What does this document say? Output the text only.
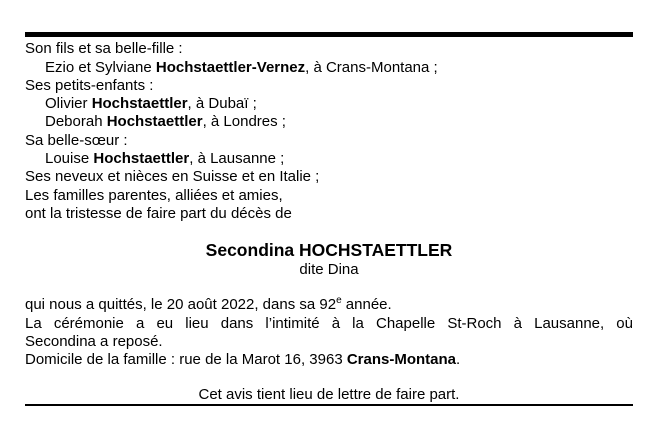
Son fils et sa belle-fille :
Ezio et Sylviane Hochstaettler-Vernez, à Crans-Montana ;
Ses petits-enfants :
Olivier Hochstaettler, à Dubaï ;
Deborah Hochstaettler, à Londres ;
Sa belle-sœur :
Louise Hochstaettler, à Lausanne ;
Ses neveux et nièces en Suisse et en Italie ;
Les familles parentes, alliées et amies,
ont la tristesse de faire part du décès de
Secondina HOCHSTAETTLER
dite Dina
qui nous a quittés, le 20 août 2022, dans sa 92e année.
La cérémonie a eu lieu dans l’intimité à la Chapelle St-Roch à Lausanne, où
Secondina a reposé.
Domicile de la famille : rue de la Marot 16, 3963 Crans-Montana.
Cet avis tient lieu de lettre de faire part.
